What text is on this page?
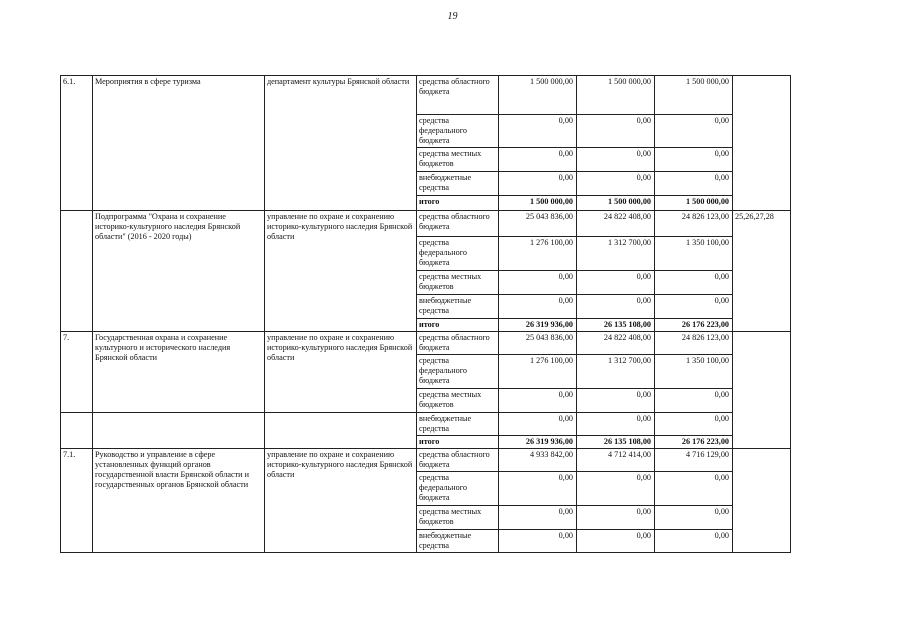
19
6.1.	Мероприятия в сфере туризма	департамент культуры Брянской области	средства областного бюджета	1 500 000,00	1 500 000,00	1 500 000,00	
			средства федерального бюджета	0,00	0,00	0,00	
			средства местных бюджетов	0,00	0,00	0,00	
			внебюджетные средства	0,00	0,00	0,00	
			итого	1 500 000,00	1 500 000,00	1 500 000,00	
	Подпрограмма "Охрана и сохранение историко-культурного наследия Брянской области" (2016 - 2020 годы)	управление по охране и сохранению историко-культурного наследия Брянской области	средства областного бюджета	25 043 836,00	24 822 408,00	24 826 123,00	25,26,27,28
			средства федерального бюджета	1 276 100,00	1 312 700,00	1 350 100,00	
			средства местных бюджетов	0,00	0,00	0,00	
			внебюджетные средства	0,00	0,00	0,00	
			итого	26 319 936,00	26 135 108,00	26 176 223,00	
7.	Государственная охрана и сохранение культурного и исторического наследия Брянской области	управление по охране и сохранению историко-культурного наследия Брянской области	средства областного бюджета	25 043 836,00	24 822 408,00	24 826 123,00	
			средства федерального бюджета	1 276 100,00	1 312 700,00	1 350 100,00	
			средства местных бюджетов	0,00	0,00	0,00	
			внебюджетные средства	0,00	0,00	0,00	
			итого	26 319 936,00	26 135 108,00	26 176 223,00	
7.1.	Руководство и управление в сфере установленных функций органов государственной власти Брянской области и государственных органов Брянской области	управление по охране и сохранению историко-культурного наследия Брянской области	средства областного бюджета	4 933 842,00	4 712 414,00	4 716 129,00	
			средства федерального бюджета	0,00	0,00	0,00	
			средства местных бюджетов	0,00	0,00	0,00	
			внебюджетные средства	0,00	0,00	0,00	
